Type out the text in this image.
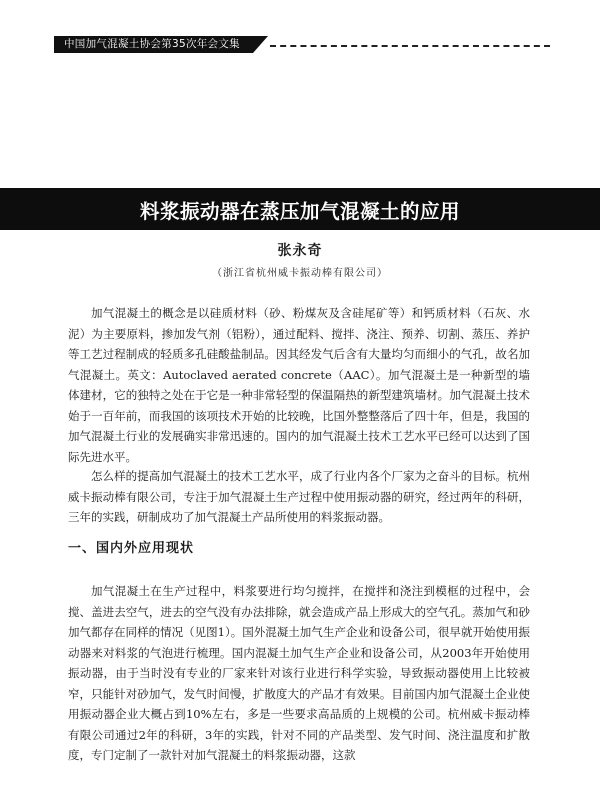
中国加气混凝土协会第35次年会文集
料浆振动器在蒸压加气混凝土的应用
张永奇
（浙江省杭州威卡振动棒有限公司）

加气混凝土的概念是以硅质材料（砂、粉煤灰及含硅尾矿等）和钙质材料（石灰、水泥）为主要原料，掺加发气剂（铝粉），通过配料、搅拌、浇注、预养、切割、蒸压、养护等工艺过程制成的轻质多孔硅酸盐制品。因其经发气后含有大量均匀而细小的气孔，故名加气混凝土。英文：Autoclaved aerated concrete（AAC）。加气混凝土是一种新型的墙体建材，它的独特之处在于它是一种非常轻型的保温隔热的新型建筑墙材。加气混凝土技术始于一百年前，而我国的该项技术开始的比较晚，比国外整整落后了四十年，但是，我国的加气混凝土行业的发展确实非常迅速的。国内的加气混凝土技术工艺水平已经可以达到了国际先进水平。

怎么样的提高加气混凝土的技术工艺水平，成了行业内各个厂家为之奋斗的目标。杭州威卡振动棒有限公司，专注于加气混凝土生产过程中使用振动器的研究，经过两年的科研，三年的实践，研制成功了加气混凝土产品所使用的料浆振动器。

一、国内外应用现状

加气混凝土在生产过程中，料浆要进行均匀搅拌，在搅拌和浇注到模框的过程中，会搅、盖进去空气，进去的空气没有办法排除，就会造成产品上形成大的空气孔。蒸加气和砂加气都存在同样的情况（见图1）。国外混凝土加气生产企业和设备公司，很早就开始使用振动器来对料浆的气泡进行梳理。国内混凝土加气生产企业和设备公司，从2003年开始使用振动器，由于当时没有专业的厂家来针对该行业进行科学实验，导致振动器使用上比较被窄，只能针对砂加气，发气时间慢，扩散度大的产品才有效果。目前国内加气混凝土企业使用振动器企业大概占到10%左右，多是一些要求高品质的上规模的公司。杭州威卡振动棒有限公司通过2年的科研，3年的实践，针对不同的产品类型、发气时间、浇注温度和扩散度，专门定制了一款针对加气混凝土的料浆振动器，这款
